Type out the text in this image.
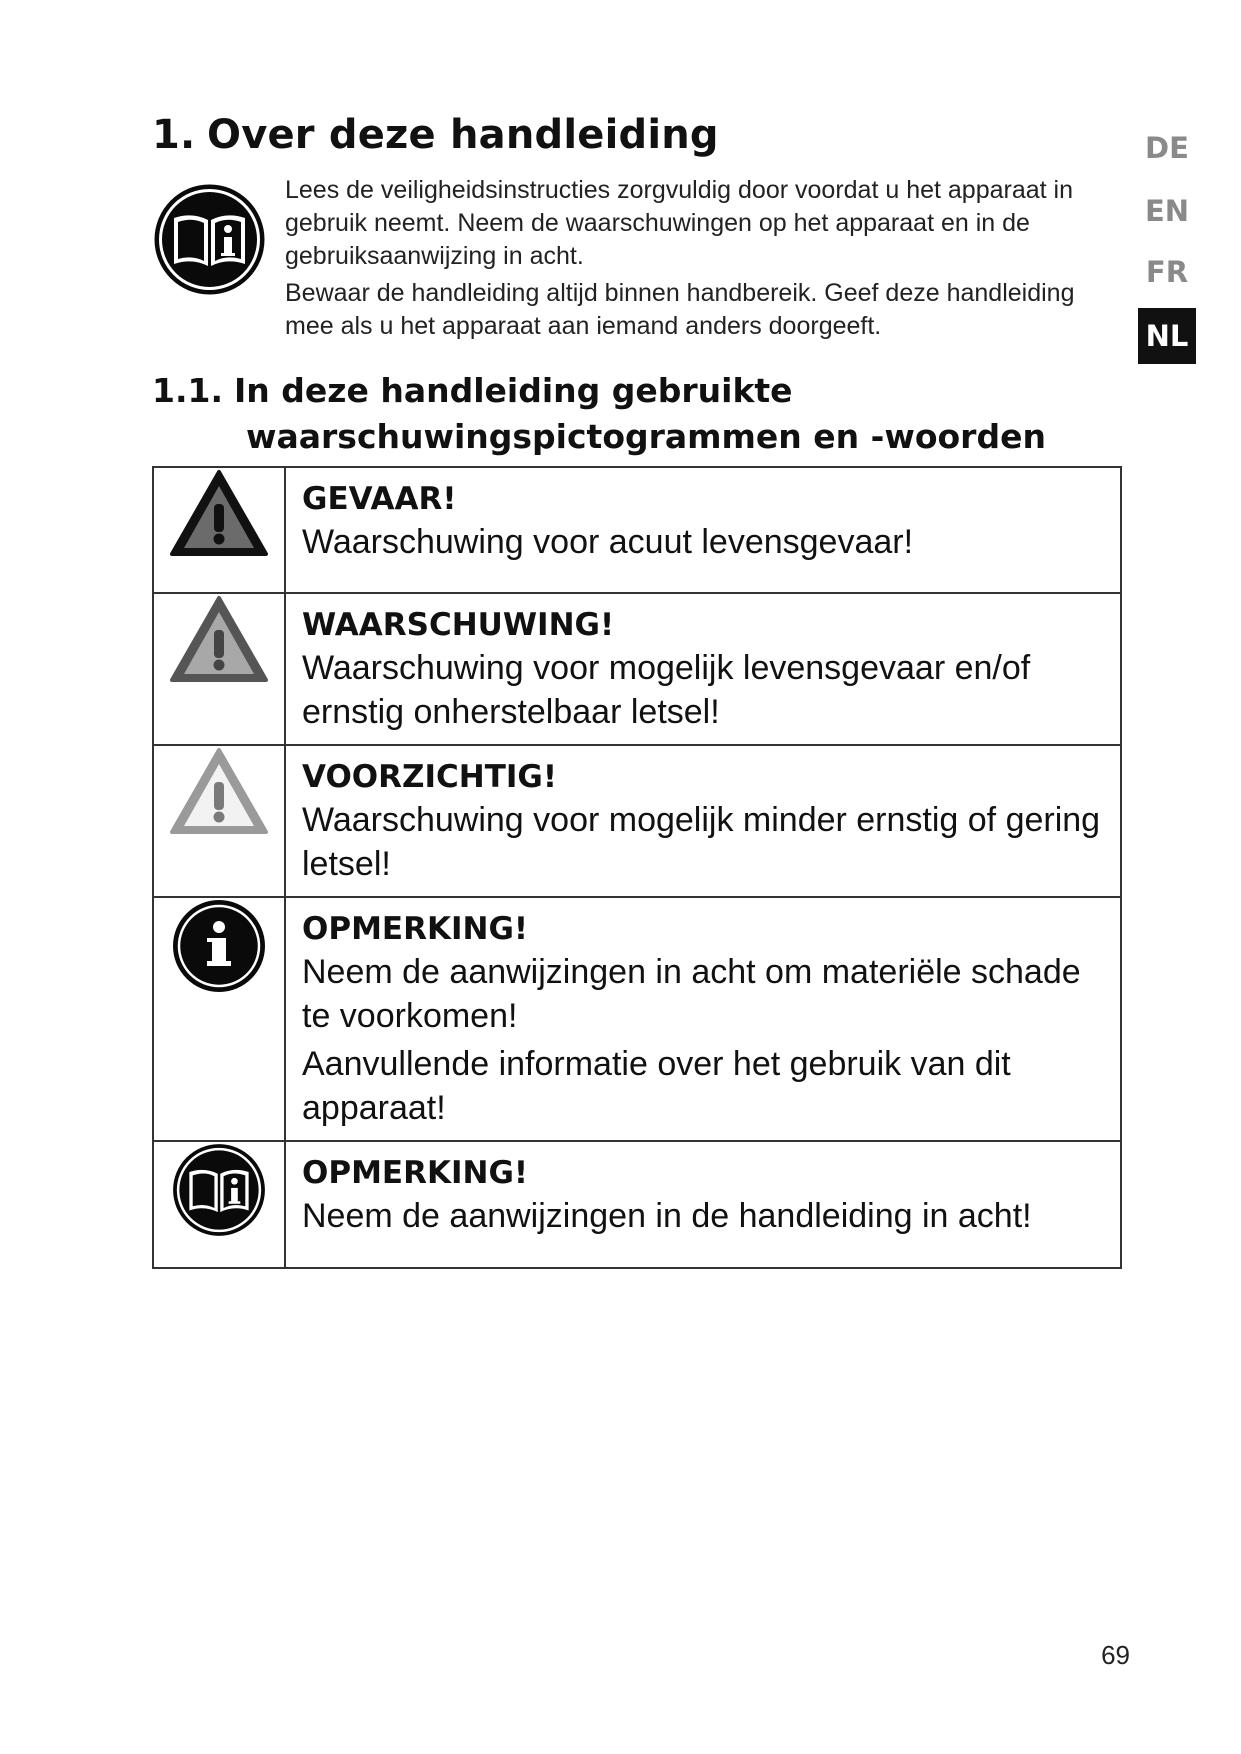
1. Over deze handleiding

Lees de veiligheidsinstructies zorgvuldig door voordat u het apparaat in gebruik neemt. Neem de waarschuwingen op het apparaat en in de gebruiksaanwijzing in acht.

Bewaar de handleiding altijd binnen handbereik. Geef deze handleiding mee als u het apparaat aan iemand anders doorgeeft.

1.1. In deze handleiding gebruikte
waarschuwingspictogrammen en -woorden
DE
EN
FR
NL

GEVAAR!
Waarschuwing voor acuut levensgevaar!

WAARSCHUWING!
Waarschuwing voor mogelijk levensgevaar en/of ernstig onherstelbaar letsel!

VOORZICHTIG!
Waarschuwing voor mogelijk minder ernstig of gering letsel!

OPMERKING!
Neem de aanwijzingen in acht om materiële schade te voorkomen!
Aanvullende informatie over het gebruik van dit apparaat!

OPMERKING!
Neem de aanwijzingen in de handleiding in acht!
69
